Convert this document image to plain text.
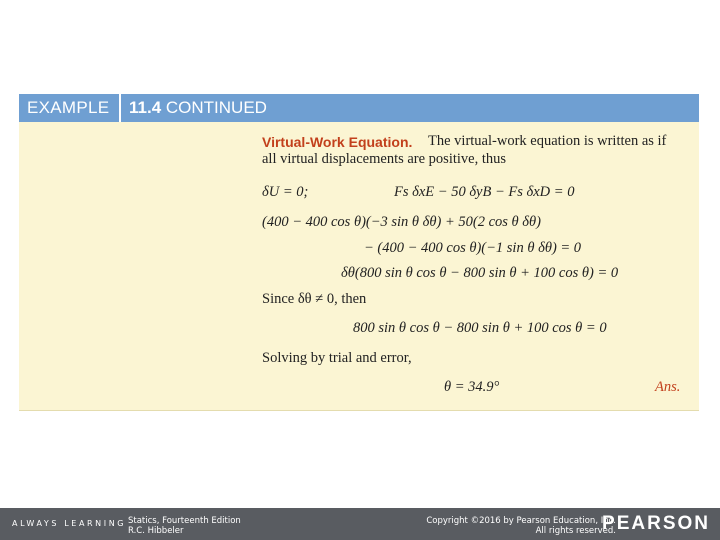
EXAMPLE	11.4 CONTINUED
Virtual-Work Equation. The virtual-work equation is written as if
all virtual displacements are positive, thus
δU = 0;	Fs δxE − 50 δyB − Fs δxD = 0
(400 − 400 cos θ)(−3 sin θ δθ) + 50(2 cos θ δθ)
− (400 − 400 cos θ)(−1 sin θ δθ) = 0
δθ(800 sin θ cos θ − 800 sin θ + 100 cos θ) = 0
Since δθ ≠ 0, then
800 sin θ cos θ − 800 sin θ + 100 cos θ = 0
Solving by trial and error,
θ = 34.9°	Ans.
ALWAYS LEARNING Statics, Fourteenth Edition
R.C. Hibbeler
Copyright ©2016 by Pearson Education, Inc.
All rights reserved.
PEARSON
